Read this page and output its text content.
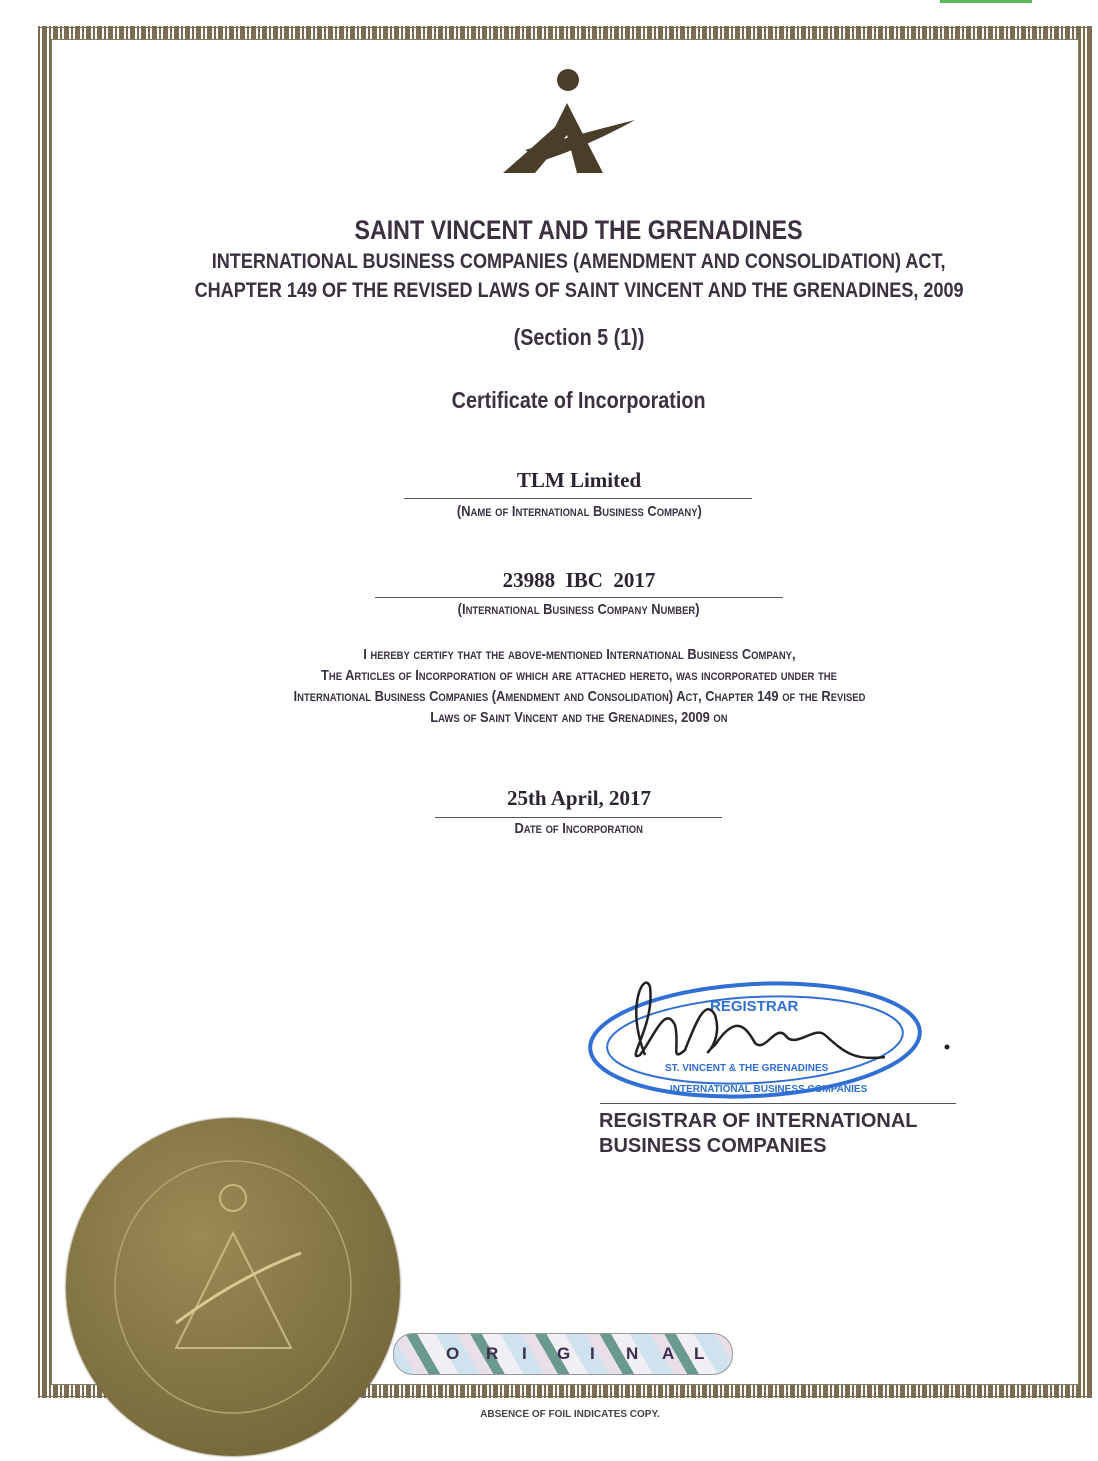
SAINT VINCENT AND THE GRENADINES
INTERNATIONAL BUSINESS COMPANIES (AMENDMENT AND CONSOLIDATION) ACT,
CHAPTER 149 OF THE REVISED LAWS OF SAINT VINCENT AND THE GRENADINES, 2009
(Section 5 (1))
Certificate of Incorporation
TLM Limited
(Name of International Business Company)
23988  IBC  2017
(International Business Company Number)
I hereby certify that the above-mentioned International Business Company,
The Articles of Incorporation of which are attached hereto, was incorporated under the
International Business Companies (Amendment and Consolidation) Act, Chapter 149 of the Revised
Laws of Saint Vincent and the Grenadines, 2009 on
25th April, 2017
Date of Incorporation
REGISTRAR
ST. VINCENT & THE GRENADINES
INTERNATIONAL BUSINESS COMPANIES
REGISTRAR OF INTERNATIONAL
BUSINESS COMPANIES
O R I G I N A L
ABSENCE OF FOIL INDICATES COPY.
